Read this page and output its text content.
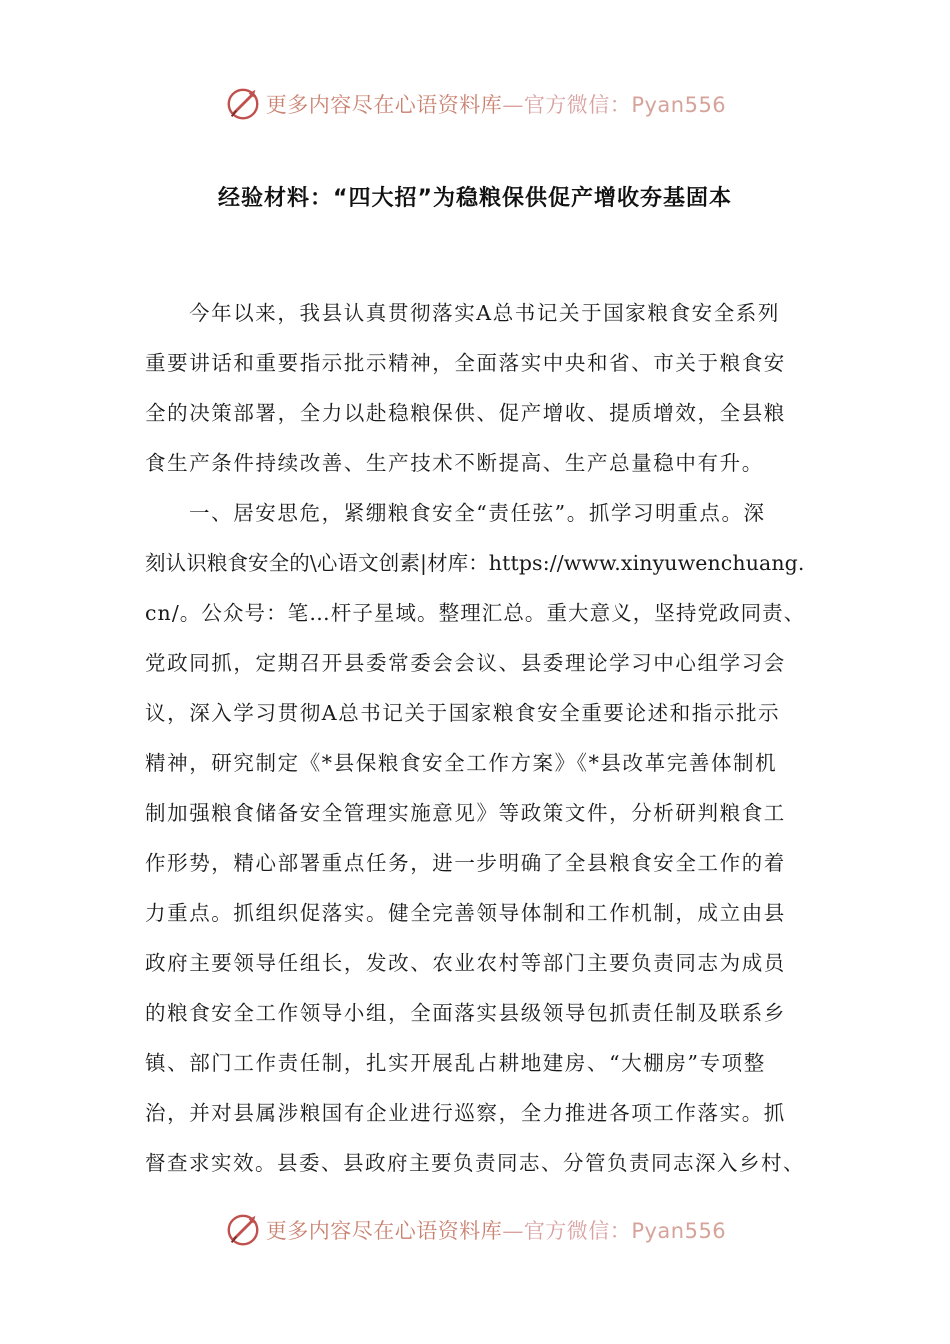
更多内容尽在心语资料库—官方微信：Pyan556
经验材料：“四大招”为稳粮保供促产增收夯基固本
今年以来，我县认真贯彻落实A总书记关于国家粮食安全系列
重要讲话和重要指示批示精神，全面落实中央和省、市关于粮食安
全的决策部署，全力以赴稳粮保供、促产增收、提质增效，全县粮
食生产条件持续改善、生产技术不断提高、生产总量稳中有升。
一、居安思危，紧绷粮食安全“责任弦”。抓学习明重点。深
刻认识粮食安全的\心语文创素|材库：https://www.xinyuwenchuang.
cn/。公众号：笔…杆子星域。整理汇总。重大意义，坚持党政同责、
党政同抓，定期召开县委常委会会议、县委理论学习中心组学习会
议，深入学习贯彻A总书记关于国家粮食安全重要论述和指示批示
精神，研究制定《*县保粮食安全工作方案》《*县改革完善体制机
制加强粮食储备安全管理实施意见》等政策文件，分析研判粮食工
作形势，精心部署重点任务，进一步明确了全县粮食安全工作的着
力重点。抓组织促落实。健全完善领导体制和工作机制，成立由县
政府主要领导任组长，发改、农业农村等部门主要负责同志为成员
的粮食安全工作领导小组，全面落实县级领导包抓责任制及联系乡
镇、部门工作责任制，扎实开展乱占耕地建房、“大棚房”专项整
治，并对县属涉粮国有企业进行巡察，全力推进各项工作落实。抓
督查求实效。县委、县政府主要负责同志、分管负责同志深入乡村、
更多内容尽在心语资料库—官方微信：Pyan556
